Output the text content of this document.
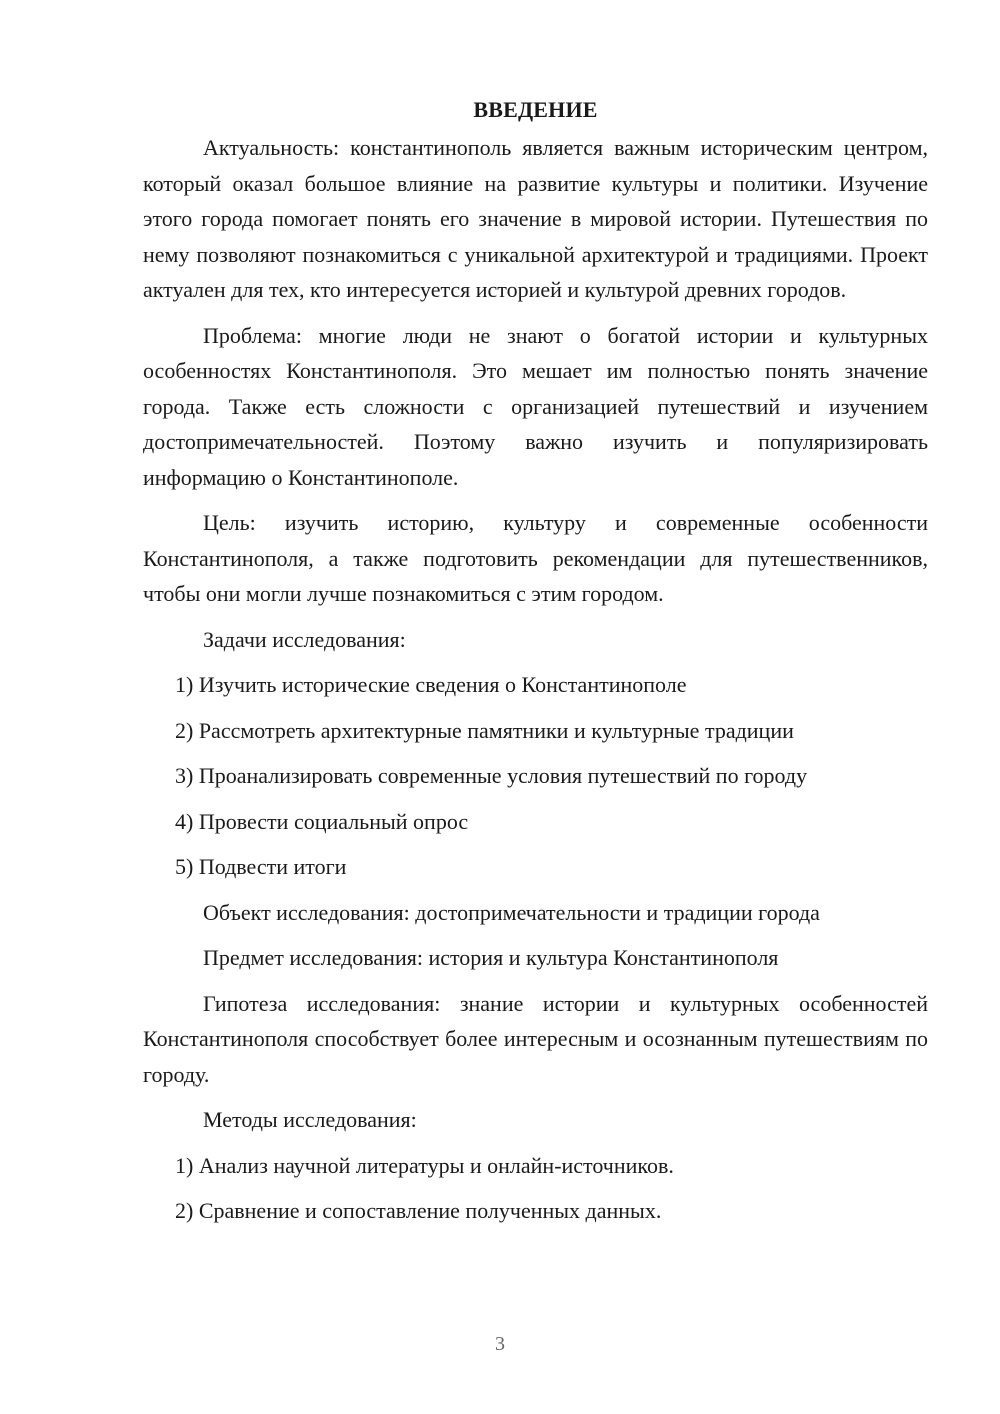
ВВЕДЕНИЕ

Актуальность: константинополь является важным историческим центром, который оказал большое влияние на развитие культуры и политики. Изучение этого города помогает понять его значение в мировой истории. Путешествия по нему позволяют познакомиться с уникальной архитектурой и традициями. Проект актуален для тех, кто интересуется историей и культурой древних городов.

Проблема: многие люди не знают о богатой истории и культурных особенностях Константинополя. Это мешает им полностью понять значение города. Также есть сложности с организацией путешествий и изучением достопримечательностей. Поэтому важно изучить и популяризировать информацию о Константинополе.

Цель: изучить историю, культуру и современные особенности Константинополя, а также подготовить рекомендации для путешественников, чтобы они могли лучше познакомиться с этим городом.

Задачи исследования:
1) Изучить исторические сведения о Константинополе
2) Рассмотреть архитектурные памятники и культурные традиции
3) Проанализировать современные условия путешествий по городу
4) Провести социальный опрос
5) Подвести итоги
Объект исследования: достопримечательности и традиции города
Предмет исследования: история и культура Константинополя

Гипотеза исследования: знание истории и культурных особенностей Константинополя способствует более интересным и осознанным путешествиям по городу.

Методы исследования:
1) Анализ научной литературы и онлайн-источников.
2) Сравнение и сопоставление полученных данных.
3
